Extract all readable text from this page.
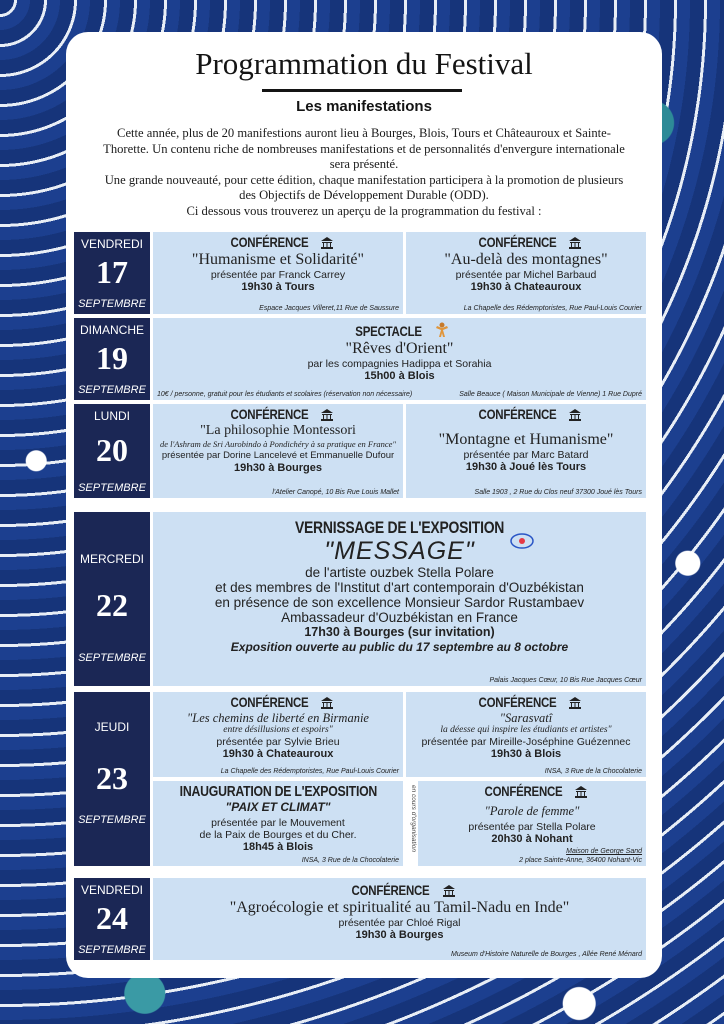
Programmation du Festival
Les manifestations
Cette année, plus de 20 manifestions auront lieu à Bourges, Blois, Tours et Châteauroux et Sainte-Thorette. Un contenu riche de nombreuses manifestations et de personnalités d'envergure internationale sera présenté.
Une grande nouveauté, pour cette édition, chaque manifestation participera à la promotion de plusieurs des Objectifs de Développement Durable (ODD).
Ci dessous vous trouverez un aperçu de la programmation du festival :
VENDREDI
17
SEPTEMBRE
CONFÉRENCE
"Humanisme et Solidarité"
présentée par Franck Carrey
19h30 à Tours
Espace Jacques Villeret,11 Rue de Saussure
CONFÉRENCE
"Au-delà des montagnes"
présentée par Michel Barbaud
19h30 à Chateauroux
La Chapelle des Rédemptoristes, Rue Paul-Louis Courier
DIMANCHE
19
SEPTEMBRE
SPECTACLE
"Rêves d'Orient"
par les compagnies Hadippa et Sorahia
15h00 à Blois
10€ / personne, gratuit pour les étudiants et scolaires (réservation non nécessaire)	Salle Beauce ( Maison Municipale de Vienne) 1 Rue Dupré
LUNDI
20
SEPTEMBRE
CONFÉRENCE
"La philosophie Montessori
de l'Ashram de Sri Aurobindo à Pondichéry à sa pratique en France"
présentée par Dorine Lancelevé et Emmanuelle Dufour
19h30 à Bourges
l'Atelier Canopé, 10 Bis Rue Louis Mallet
CONFÉRENCE
"Montagne et Humanisme"
présentée par Marc Batard
19h30 à Joué lès Tours
Salle 1903 , 2 Rue du Clos neuf 37300 Joué lès Tours
MERCREDI
22
SEPTEMBRE
VERNISSAGE DE L'EXPOSITION
"MESSAGE"
de l'artiste ouzbek Stella Polare
et des membres de l'Institut d'art contemporain d'Ouzbékistan
en présence de son excellence Monsieur Sardor Rustambaev
Ambassadeur d'Ouzbékistan en France
17h30 à Bourges (sur invitation)
Exposition ouverte au public du 17 septembre au 8 octobre
Palais Jacques Cœur, 10 Bis Rue Jacques Cœur
JEUDI
23
SEPTEMBRE
CONFÉRENCE
"Les chemins de liberté en Birmanie
entre désillusions et espoirs"
présentée par Sylvie Brieu
19h30 à Chateauroux
La Chapelle des Rédemptoristes, Rue Paul-Louis Courier
CONFÉRENCE
"Sarasvatî
la déesse qui inspire les étudiants et artistes"
présentée par Mireille-Joséphine Guézennec
19h30 à Blois
INSA, 3 Rue de la Chocolaterie
INAUGURATION DE L'EXPOSITION
"PAIX ET CLIMAT"
présentée par le Mouvement
de la Paix de Bourges et du Cher.
18h45 à Blois
INSA, 3 Rue de la Chocolaterie
en cours d'organisation	CONFÉRENCE
"Parole de femme"
présentée par Stella Polare
20h30 à Nohant
Maison de George Sand
2 place Sainte-Anne, 36400 Nohant-Vic
VENDREDI
24
SEPTEMBRE
CONFÉRENCE
"Agroécologie et spiritualité au Tamil-Nadu en Inde"
présentée par Chloé Rigal
19h30 à Bourges
Museum d'Histoire Naturelle de Bourges , Allée René Ménard
